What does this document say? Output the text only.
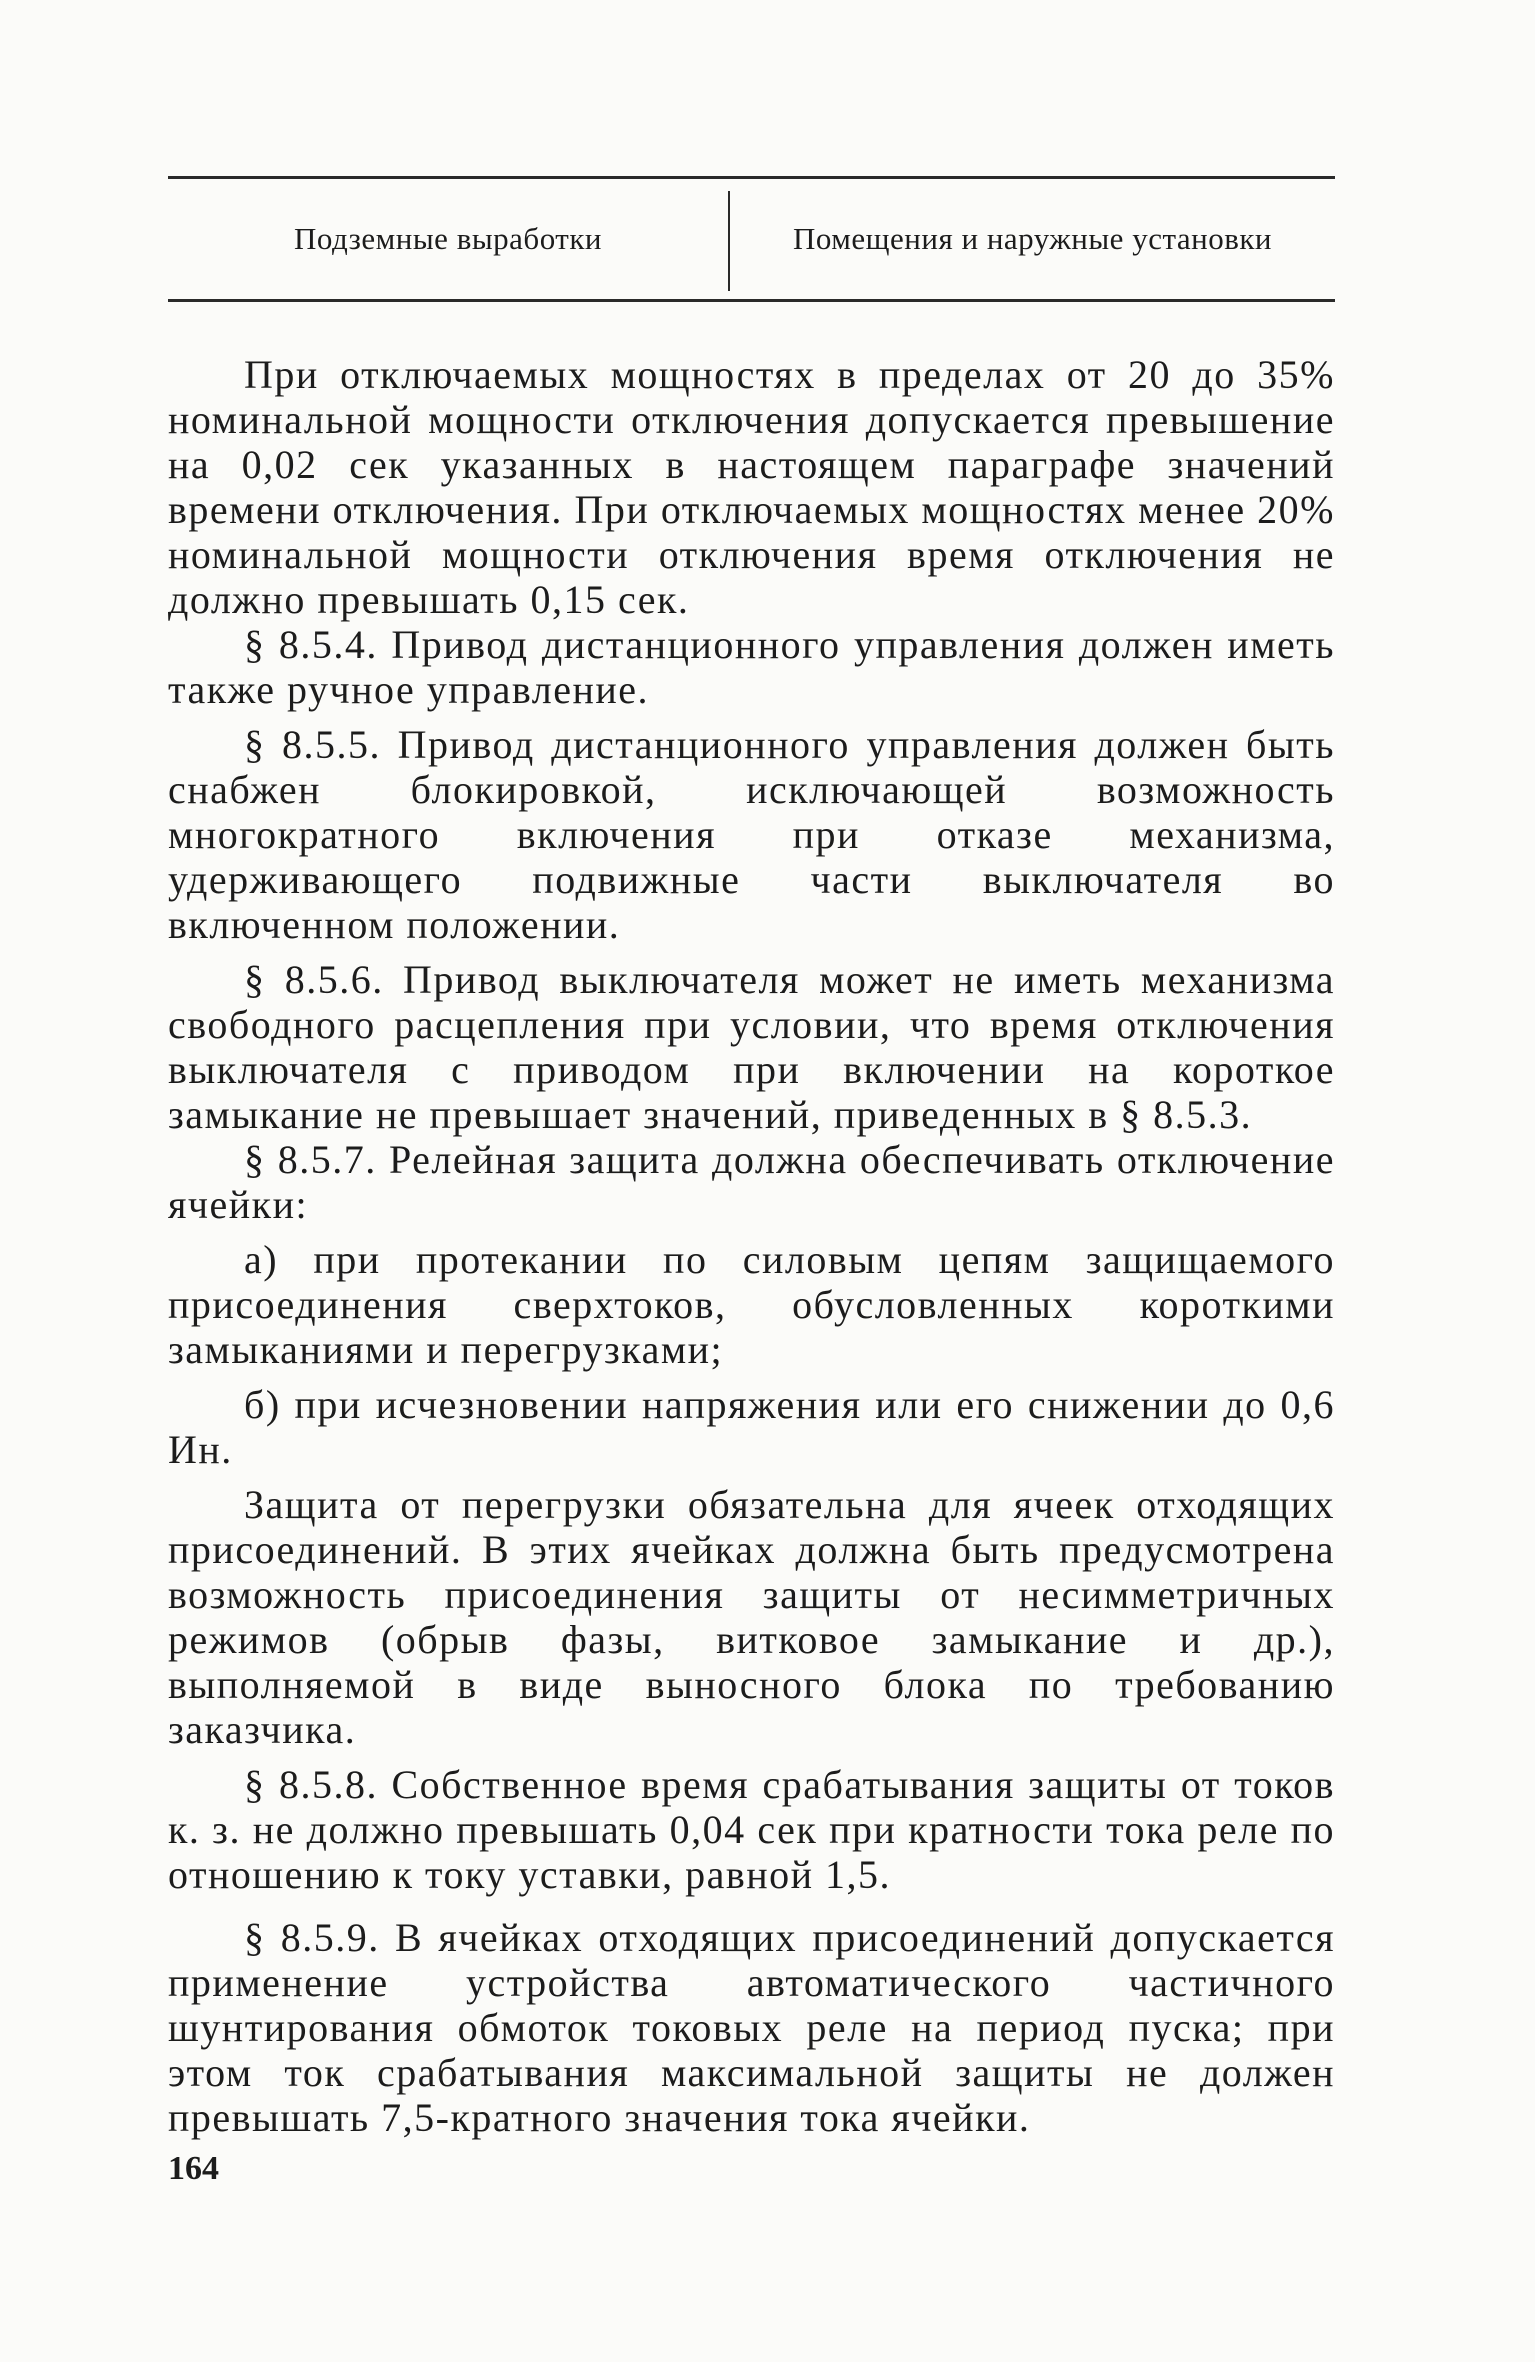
Подземные выработки	Помещения и наружные установки

При отключаемых мощностях в пределах от 20 до 35% номинальной мощности отключения допускается превышение на 0,02 сек указанных в настоящем параграфе значений времени отключения. При отключаемых мощностях менее 20% номинальной мощности отключения время отключения не должно превышать 0,15 сек.

§ 8.5.4. Привод дистанционного управления должен иметь также ручное управление.

§ 8.5.5. Привод дистанционного управления должен быть снабжен блокировкой, исключающей возможность многократного включения при отказе механизма, удерживающего подвижные части выключателя во включенном положении.

§ 8.5.6. Привод выключателя может не иметь механизма свободного расцепления при условии, что время отключения выключателя с приводом при включении на короткое замыкание не превышает значений, приведенных в § 8.5.3.

§ 8.5.7. Релейная защита должна обеспечивать отключение ячейки:

а) при протекании по силовым цепям защищаемого присоединения сверхтоков, обусловленных короткими замыканиями и перегрузками;

б) при исчезновении напряжения или его снижении до 0,6 Ин.

Защита от перегрузки обязательна для ячеек отходящих присоединений. В этих ячейках должна быть предусмотрена возможность присоединения защиты от несимметричных режимов (обрыв фазы, витковое замыкание и др.), выполняемой в виде выносного блока по требованию заказчика.

§ 8.5.8. Собственное время срабатывания защиты от токов к. з. не должно превышать 0,04 сек при кратности тока реле по отношению к току уставки, равной 1,5.

§ 8.5.9. В ячейках отходящих присоединений допускается применение устройства автоматического частичного шунтирования обмоток токовых реле на период пуска; при этом ток срабатывания максимальной защиты не должен превышать 7,5-кратного значения тока ячейки.

164
